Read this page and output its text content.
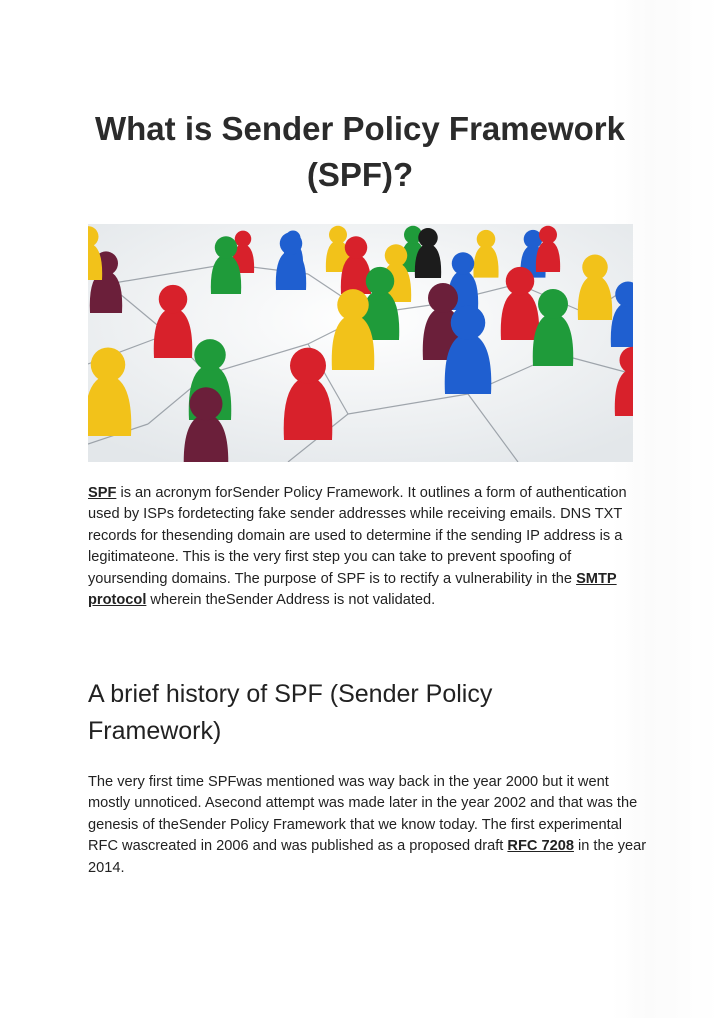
What is Sender Policy Framework (SPF)?

SPF is an acronym forSender Policy Framework. It outlines a form of authentication used by ISPs fordetecting fake sender addresses while receiving emails. DNS TXT records for thesending domain are used to determine if the sending IP address is a legitimateone. This is the very first step you can take to prevent spoofing of yoursending domains. The purpose of SPF is to rectify a vulnerability in the SMTP protocol wherein theSender Address is not validated.

A brief history of SPF (Sender Policy Framework)

The very first time SPFwas mentioned was way back in the year 2000 but it went mostly unnoticed. Asecond attempt was made later in the year 2002 and that was the genesis of theSender Policy Framework that we know today. The first experimental RFC wascreated in 2006 and was published as a proposed draft RFC 7208 in the year 2014.
